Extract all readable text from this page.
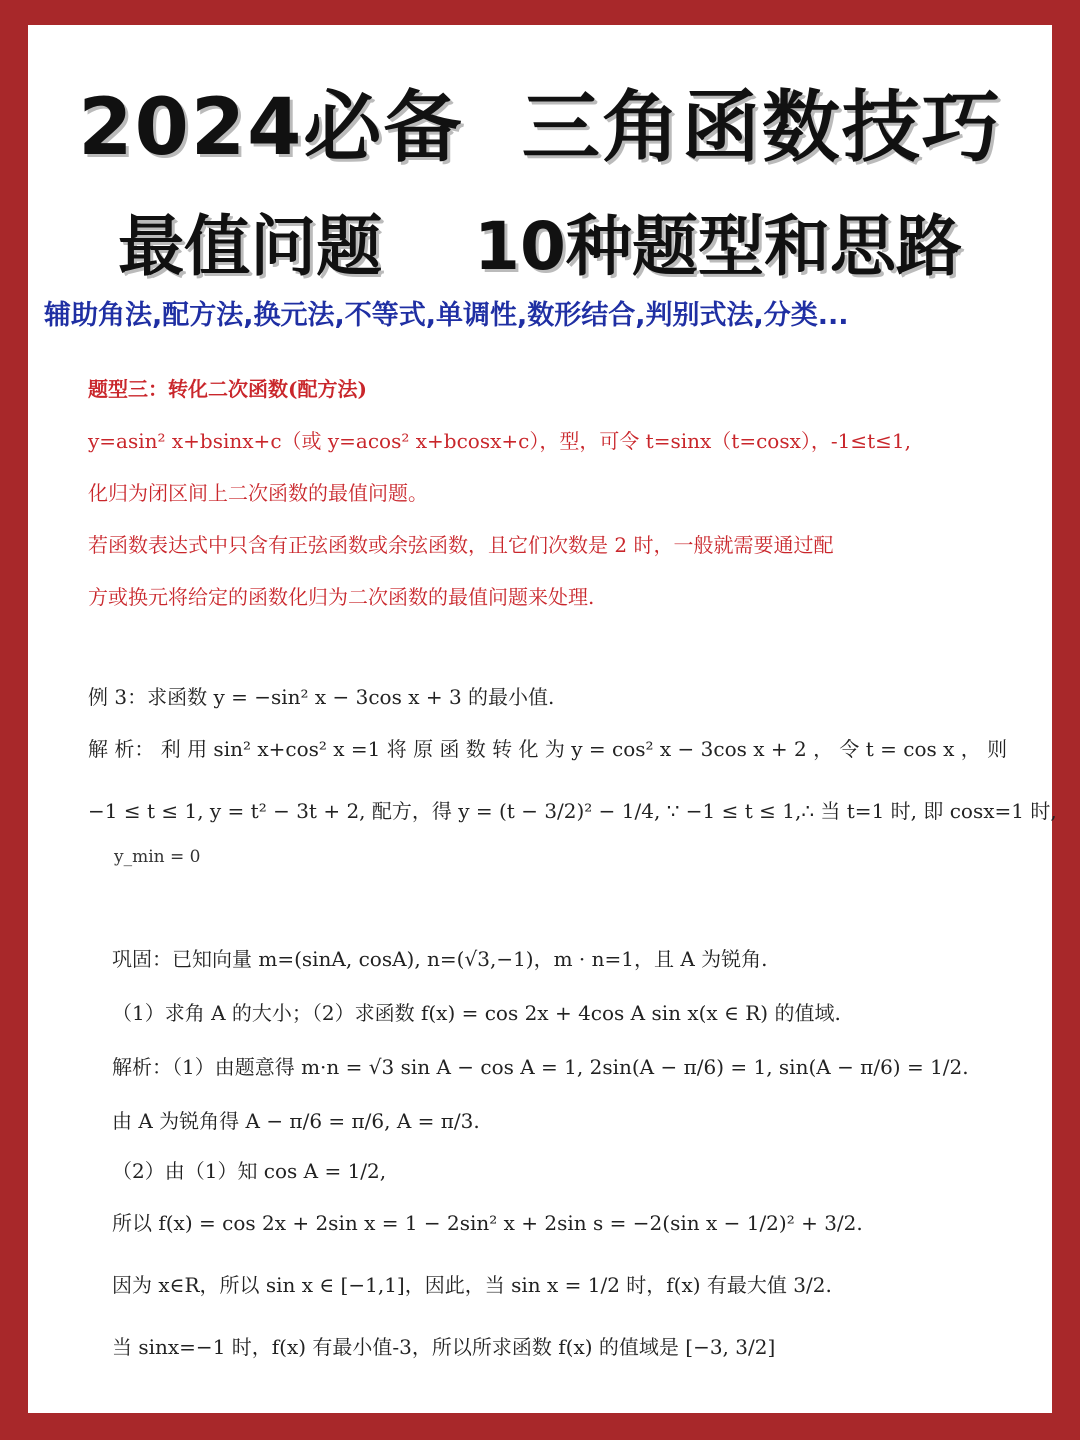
2024必备  三角函数技巧
最值问题    10种题型和思路
辅助角法,配方法,换元法,不等式,单调性,数形结合,判别式法,分类...
题型三：转化二次函数(配方法)
y=asin² x+bsinx+c（或 y=acos² x+bcosx+c），型，可令 t=sinx（t=cosx），-1≤t≤1,
化归为闭区间上二次函数的最值问题。
若函数表达式中只含有正弦函数或余弦函数，且它们次数是 2 时，一般就需要通过配
方或换元将给定的函数化归为二次函数的最值问题来处理.
例 3：求函数 y = −sin² x − 3cos x + 3 的最小值.
解 析： 利 用 sin² x+cos² x =1 将 原 函 数 转 化 为 y = cos² x − 3cos x + 2 ， 令 t = cos x ， 则
−1 ≤ t ≤ 1, y = t² − 3t + 2, 配方，得 y = (t − 3/2)² − 1/4, ∵ −1 ≤ t ≤ 1,∴ 当 t=1 时, 即 cosx=1 时,
y_min = 0
巩固：已知向量 m=(sinA, cosA), n=(√3,−1)，m · n=1，且 A 为锐角.
（1）求角 A 的大小；（2）求函数 f(x) = cos 2x + 4cos A sin x(x ∈ R) 的值域.
解析：（1）由题意得 m·n = √3 sin A − cos A = 1, 2sin(A − π/6) = 1, sin(A − π/6) = 1/2.
由 A 为锐角得 A − π/6 = π/6, A = π/3.
（2）由（1）知 cos A = 1/2,
所以 f(x) = cos 2x + 2sin x = 1 − 2sin² x + 2sin s = −2(sin x − 1/2)² + 3/2.
因为 x∈R，所以 sin x ∈ [−1,1]，因此，当 sin x = 1/2 时，f(x) 有最大值 3/2.
当 sinx=−1 时，f(x) 有最小值-3，所以所求函数 f(x) 的值域是 [−3, 3/2]
